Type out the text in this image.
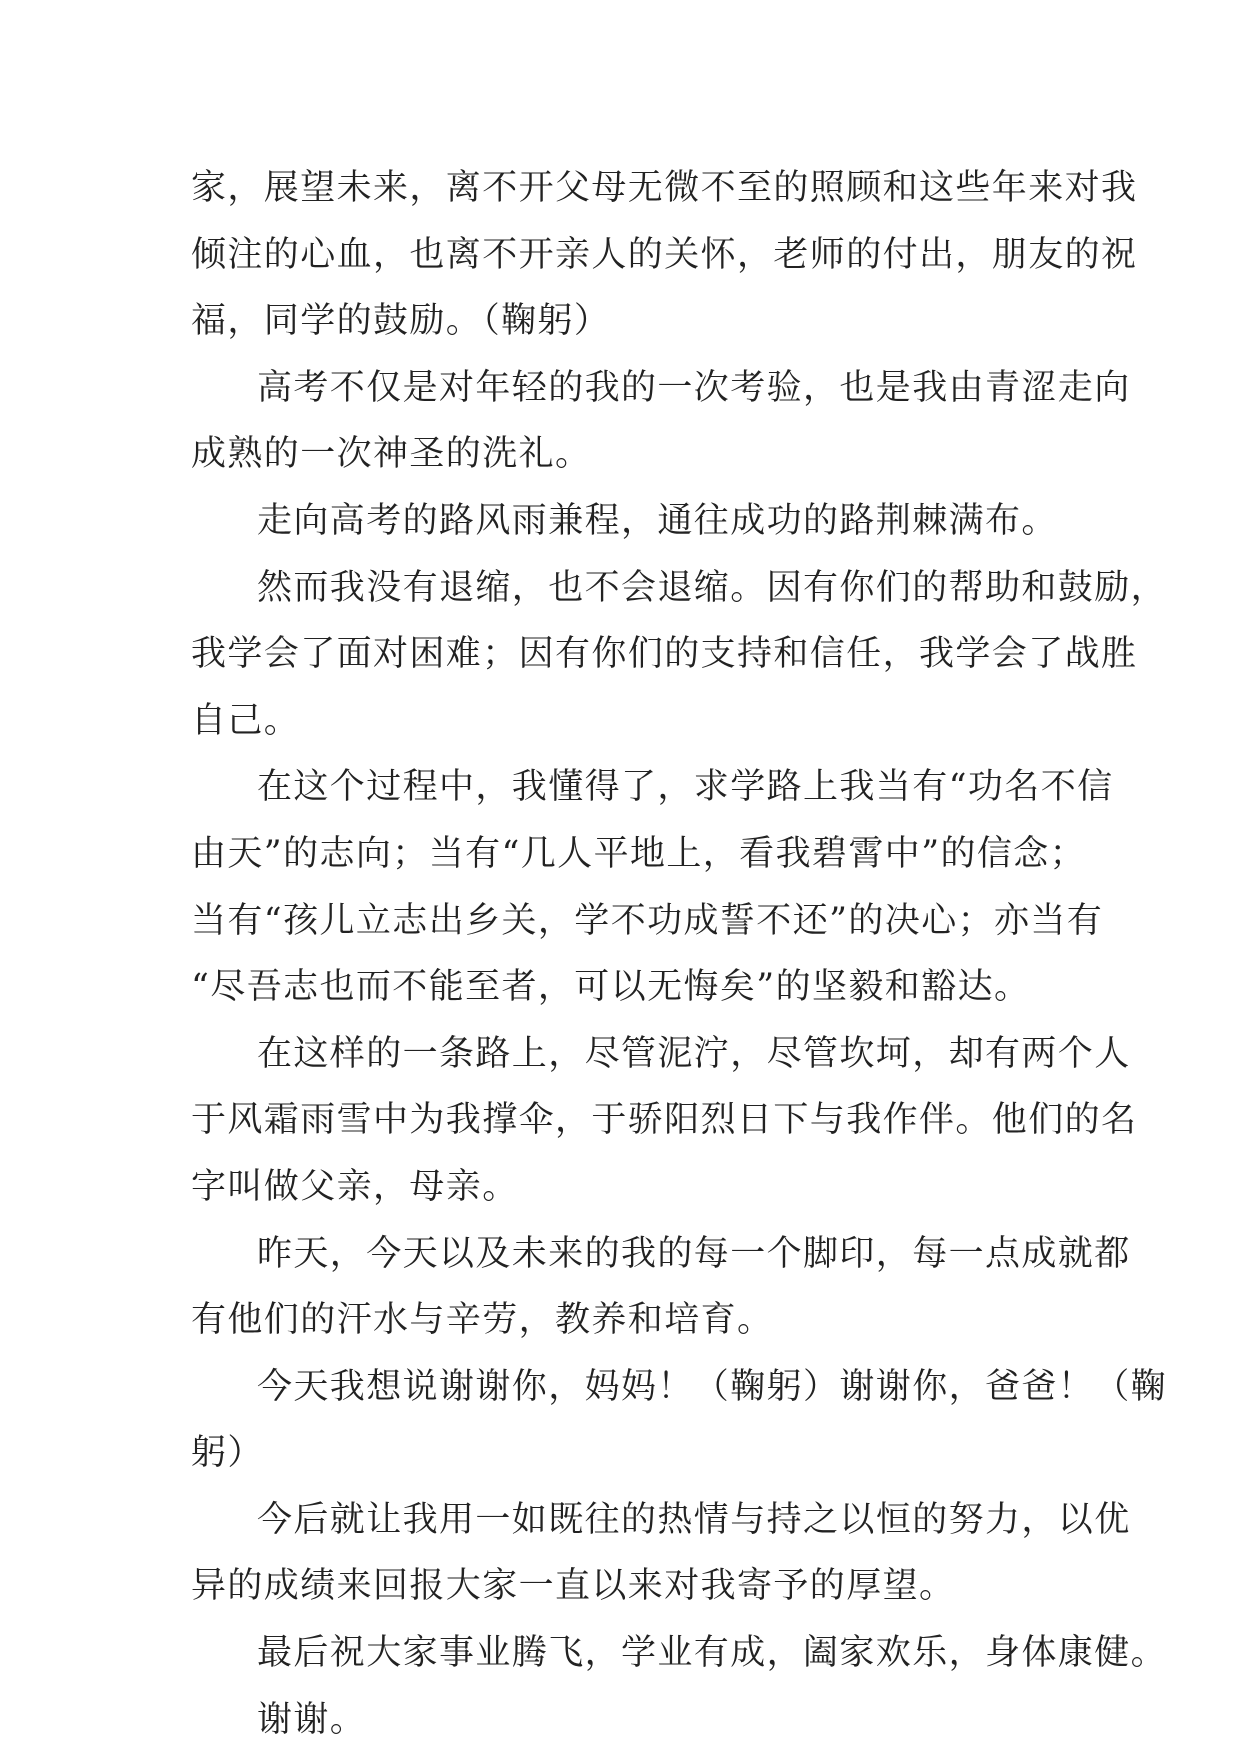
家，展望未来，离不开父母无微不至的照顾和这些年来对我
倾注的心血，也离不开亲人的关怀，老师的付出，朋友的祝
福，同学的鼓励。（鞠躬）
高考不仅是对年轻的我的一次考验，也是我由青涩走向
成熟的一次神圣的洗礼。
走向高考的路风雨兼程，通往成功的路荆棘满布。
然而我没有退缩，也不会退缩。因有你们的帮助和鼓励，
我学会了面对困难；因有你们的支持和信任，我学会了战胜
自己。
在这个过程中，我懂得了，求学路上我当有“功名不信
由天”的志向；当有“几人平地上，看我碧霄中”的信念；
当有“孩儿立志出乡关，学不功成誓不还”的决心；亦当有
“尽吾志也而不能至者，可以无悔矣”的坚毅和豁达。
在这样的一条路上，尽管泥泞，尽管坎坷，却有两个人
于风霜雨雪中为我撑伞，于骄阳烈日下与我作伴。他们的名
字叫做父亲，母亲。
昨天，今天以及未来的我的每一个脚印，每一点成就都
有他们的汗水与辛劳，教养和培育。
今天我想说谢谢你，妈妈！（鞠躬）谢谢你，爸爸！（鞠
躬）
今后就让我用一如既往的热情与持之以恒的努力，以优
异的成绩来回报大家一直以来对我寄予的厚望。
最后祝大家事业腾飞，学业有成，阖家欢乐，身体康健。
谢谢。
